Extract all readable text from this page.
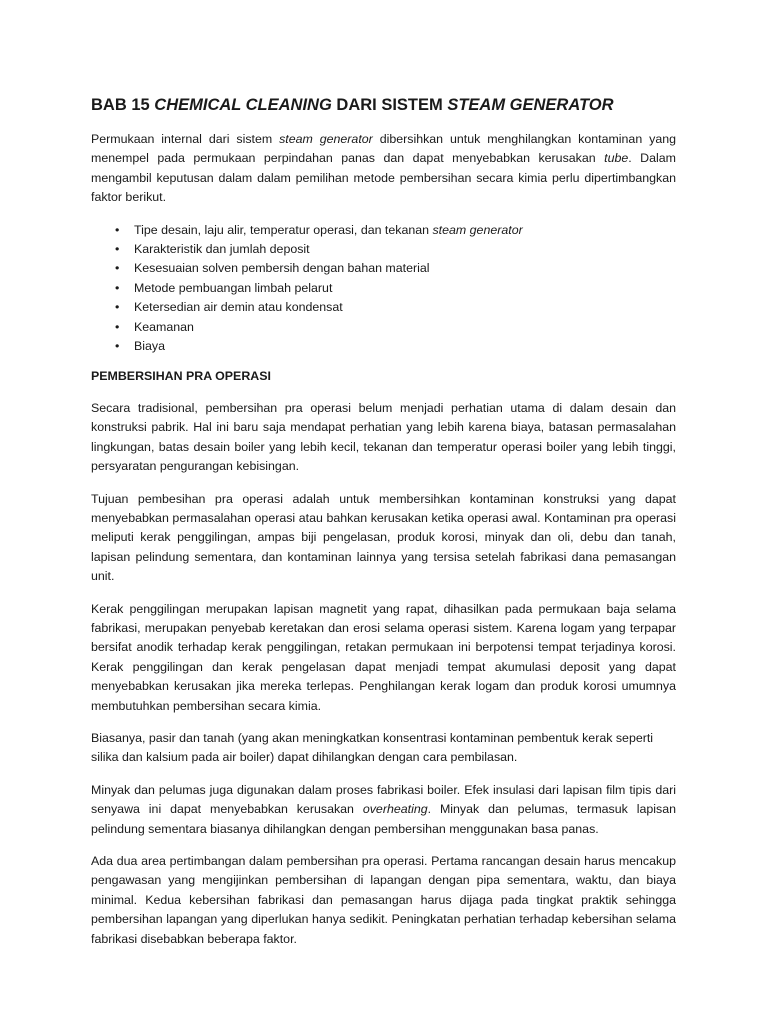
BAB 15 CHEMICAL CLEANING DARI SISTEM STEAM GENERATOR

Permukaan internal dari sistem steam generator dibersihkan untuk menghilangkan kontaminan yang menempel pada permukaan perpindahan panas dan dapat menyebabkan kerusakan tube. Dalam mengambil keputusan dalam dalam pemilihan metode pembersihan secara kimia perlu dipertimbangkan faktor berikut.

• Tipe desain, laju alir, temperatur operasi, dan tekanan steam generator
• Karakteristik dan jumlah deposit
• Kesesuaian solven pembersih dengan bahan material
• Metode pembuangan limbah pelarut
• Ketersedian air demin atau kondensat
• Keamanan
• Biaya
PEMBERSIHAN PRA OPERASI

Secara tradisional, pembersihan pra operasi belum menjadi perhatian utama di dalam desain dan konstruksi pabrik. Hal ini baru saja mendapat perhatian yang lebih karena biaya, batasan permasalahan lingkungan, batas desain boiler yang lebih kecil, tekanan dan temperatur operasi boiler yang lebih tinggi, persyaratan pengurangan kebisingan.

Tujuan pembesihan pra operasi adalah untuk membersihkan kontaminan konstruksi yang dapat menyebabkan permasalahan operasi atau bahkan kerusakan ketika operasi awal. Kontaminan pra operasi meliputi kerak penggilingan, ampas biji pengelasan, produk korosi, minyak dan oli, debu dan tanah, lapisan pelindung sementara, dan kontaminan lainnya yang tersisa setelah fabrikasi dana pemasangan unit.

Kerak penggilingan merupakan lapisan magnetit yang rapat, dihasilkan pada permukaan baja selama fabrikasi, merupakan penyebab keretakan dan erosi selama operasi sistem. Karena logam yang terpapar bersifat anodik terhadap kerak penggilingan, retakan permukaan ini berpotensi tempat terjadinya korosi. Kerak penggilingan dan kerak pengelasan dapat menjadi tempat akumulasi deposit yang dapat menyebabkan kerusakan jika mereka terlepas. Penghilangan kerak logam dan produk korosi umumnya membutuhkan pembersihan secara kimia.

Biasanya, pasir dan tanah (yang akan meningkatkan konsentrasi kontaminan pembentuk kerak seperti silika dan kalsium pada air boiler) dapat dihilangkan dengan cara pembilasan.

Minyak dan pelumas juga digunakan dalam proses fabrikasi boiler. Efek insulasi dari lapisan film tipis dari senyawa ini dapat menyebabkan kerusakan overheating. Minyak dan pelumas, termasuk lapisan pelindung sementara biasanya dihilangkan dengan pembersihan menggunakan basa panas.

Ada dua area pertimbangan dalam pembersihan pra operasi. Pertama rancangan desain harus mencakup pengawasan yang mengijinkan pembersihan di lapangan dengan pipa sementara, waktu, dan biaya minimal. Kedua kebersihan fabrikasi dan pemasangan harus dijaga pada tingkat praktik sehingga pembersihan lapangan yang diperlukan hanya sedikit. Peningkatan perhatian terhadap kebersihan selama fabrikasi disebabkan beberapa faktor.
